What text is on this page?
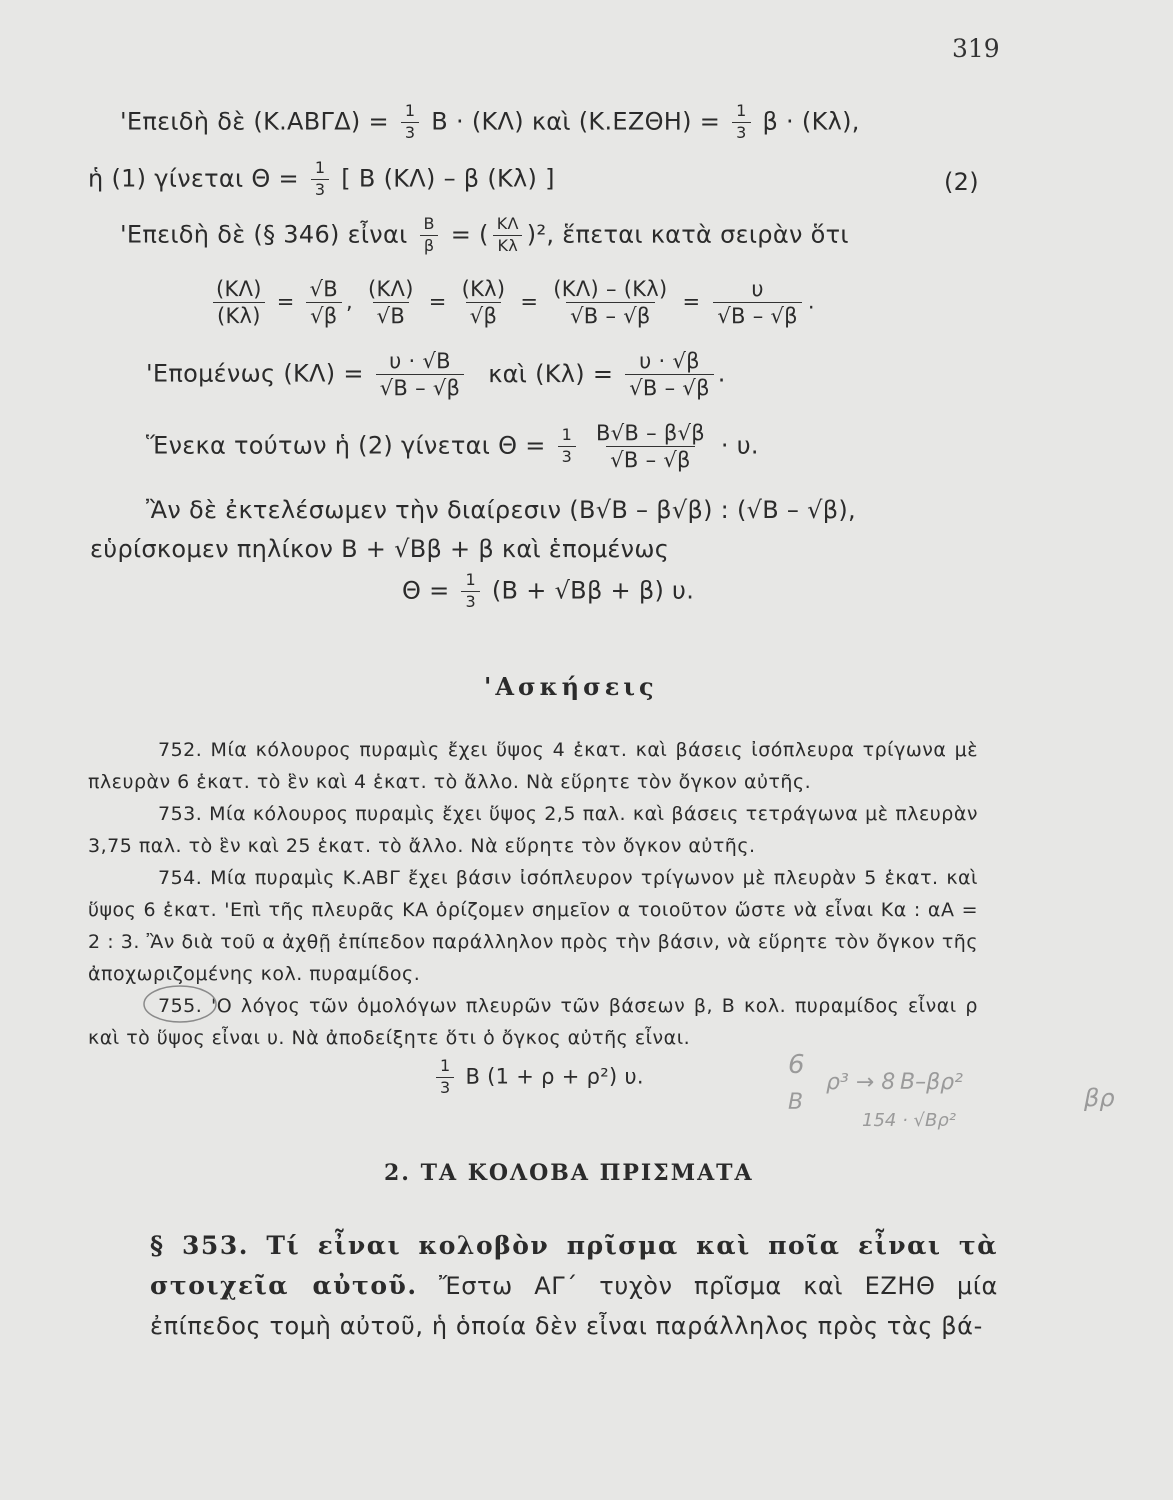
319
'Επειδὴ δὲ $(K.AB\Gamma\Delta) = \frac{1}{3}$ Β · (ΚΛ) καὶ $(K.EZ\Theta H) = \frac{1}{3}$ β · (Κλ),
ἡ (1) γίνεται $\Theta = \frac{1}{3}$ [ Β (ΚΛ) – β (Κλ) ]	(2)
'Επειδὴ δὲ (§ 346) εἶναι $\frac{B}{\beta}$ = ( $\frac{K\Lambda}{K\lambda} )^2$, ἕπεται κατὰ σειρὰν ὅτι
$\frac{(K\Lambda)}{(K\lambda)} = \frac{√B}{√\beta}$ , $\frac{(K\Lambda)}{√B} = \frac{(K\lambda)}{√\beta} = \frac{(K\Lambda) - (K\lambda)}{√B - √\beta} = \frac{\upsilon}{√B - √\beta}$ .
'Επομένως $(K\Lambda) = \frac{\upsilon \cdot √B}{√B - √\beta}$ καὶ $(K\lambda) = \frac{\upsilon \cdot √\beta}{√B - √\beta}$ .
Ἕνεκα τούτων ἡ (2) γίνεται $\Theta = \frac{1}{3}$
$\frac{B√B - \beta√\beta}{√B - √\beta} \cdot \upsilon$.
Ἂν δὲ ἐκτελέσωμεν τὴν διαίρεσιν (Β√Β – β√β) : (√Β – √β),
εὑρίσκομεν πηλίκον Β + √Ββ + β καὶ ἑπομένως
$\Theta = \frac{1}{3} (B + √B\beta + \beta)$ υ.
'Ασκήσεις

752. Μία κόλουρος πυραμὶς ἔχει ὕψος 4 ἑκατ. καὶ βάσεις ἰσόπλευρα τρίγωνα μὲ πλευρὰν 6 ἑκατ. τὸ ἓν καὶ 4 ἑκατ. τὸ ἄλλο. Νὰ εὕρητε τὸν ὄγκον αὐτῆς.

753. Μία κόλουρος πυραμὶς ἔχει ὕψος 2,5 παλ. καὶ βάσεις τετράγωνα μὲ πλευρὰν 3,75 παλ. τὸ ἓν καὶ 25 ἑκατ. τὸ ἄλλο. Νὰ εὕρητε τὸν ὄγκον αὐτῆς.

754. Μία πυραμὶς Κ.ΑΒΓ ἔχει βάσιν ἰσόπλευρον τρίγωνον μὲ πλευρὰν 5 ἑκατ. καὶ ὕψος 6 ἑκατ. 'Επὶ τῆς πλευρᾶς ΚΑ ὁρίζομεν σημεῖον α τοιοῦτον ὥστε νὰ εἶναι Κα : αΑ = 2 : 3. Ἂν διὰ τοῦ α ἀχθῇ ἐπίπεδον παράλληλον πρὸς τὴν βάσιν, νὰ εὕρητε τὸν ὄγκον τῆς ἀποχωριζομένης κολ. πυραμίδος.

755. 'Ο λόγος τῶν ὁμολόγων πλευρῶν τῶν βάσεων β, Β κολ. πυραμίδος εἶναι ρ καὶ τὸ ὕψος εἶναι υ. Νὰ ἀποδείξητε ὅτι ὁ ὄγκος αὐτῆς εἶναι.

$\frac{1}{3}$ Β (1 + ρ + ρ²) υ.	6
Β
ρ³ → 8 Β–βρ²
154 · √Bρ²
βρ
2. ΤΑ ΚΟΛΟΒΑ ΠΡΙΣΜΑΤΑ
§ 353. Τί εἶναι κολοβὸν πρῖσμα καὶ ποῖα εἶναι τὰ στοιχεῖα αὐτοῦ. Ἔστω ΑΓ΄ τυχὸν πρῖσμα καὶ ΕΖΗΘ μία ἐπίπεδος τομὴ αὐτοῦ, ἡ ὁποία δὲν εἶναι παράλληλος πρὸς τὰς βά-
